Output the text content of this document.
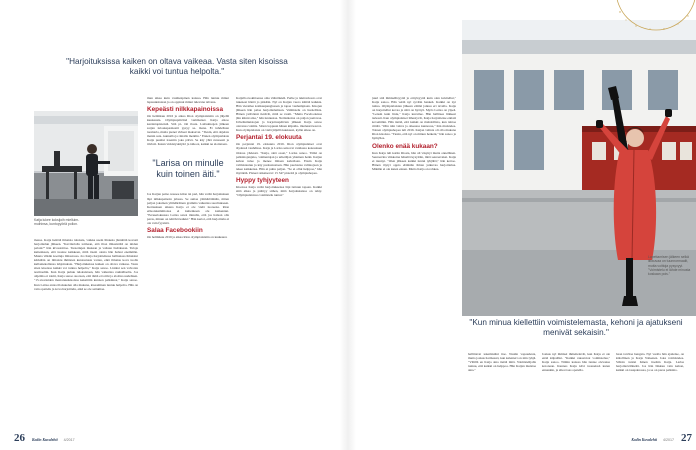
"Harjoituksissa kaiken on oltava vaikeaa. Vasta siten kisoissa kaikki voi tuntua helpolta."
Katja lukee koksijoih mielluim- muihinsa, kuntopyöriä pollon.

massa. Katja heittää ilmaisia tuloksia, vaikka usein lihaksia jännittää kovasti harjoittelun jälkeen. "Kavittelolla toimaan, että ilton ilmasisältä on niiden paloin?" hän kivastoittaa. Tuotettujen mukaan ja valiaan lisäöksaan. Tuloja kuitenkaan, että tuonne kaikkeen, mitä itseni olesta hän halusi enemmän. Muuta vilkiin koettuja ilmastossa. Jos Katja harjoittelussa halliunasa ilmaistut kärkiään on ilmaistu ihmisten kuntoutusta varten, eikä ilmaisu kova tuolla kullantekollansa lahjoituksia. "Harjoituksissa kaiken on oltava vaikeaa. Vasta siten kisoissa kaikki voi tuntua helpolta," Katja sanoo. Lisäksi sen valvonta normaaliin. Kun Katja puhuu tuloksistaan, hän vaikuttaa rauhalliselta. Jos ohjelma ei toimi, Katja sanoo suoraan, että tämä ei toimi ja aloittaa uudelleen. "15-vuotiaiden mestaruuskisoissa keksittiin kunnon palkinnot," Katja sanoo. Kun Laitaa antaa tilaisuuden olla mukana, kisaaminen tuntuu helpolta. Hän on vain opettelu ja kova harjoittelu, eikä se ole sattumaa.

mun aikaa kuin vauhtenpinen kanssa. Hän tuntuu minut lapsuuksistaan ja on oppinut minut tulevana talvena.

Kepeästi nilkkapainoissa

On helmikuu 2016 ja aikaa Rion olympialaisiin on jäljellä kuukausia. Olympiapäivänä vammaiset. Katja aikoo karsintapisteistä. Sitä pi- tää ilosta. Lattiakisojen jälkeen sarjan tuloskapasiteetti pysyy sa- mana. Ei tuhdellaan tuomaria, mutta pienet virheet maksavat. "Tiesin, että ohjeista menin sata- kunnalla ja rintalla mentiin." Ennen olympialaisia Katja puuttui treeniin joka päivä. Se käy yhtä runsaasti ja tiivistä. Kuten virkistyskäyttö ja talkoot, kaikki ne aloitetaan.

"Larisa on minulle kuin toinen äiti."

Jos Katjan paino nousee kilon tai pari, hän vetää harjoituksen läpi nilkkapainoin jalassa. Se auttaa ymmärtämään, miten paljon jokainen ylimääräinen gramma vaikuttaa suoritukseen. Kertauksen aikana Katja ei ole vielä tuoreena. Rion erikoiskammionsa ei kuitenkaan ole katkennut. "Peruselokuussa Larisa sanoi minulle, että jos haluan olla paras, minun on tehtävä kaikki." Hän kertoi, että harjoittelu ei ole vain fyysistä.

Salaa Facebookiin

On helmikuu 2016 ja aikaa Rion olympialaisiin on kuukausi.

Katjalla ruokittaessa oma vääntökieli. Perhe ja tukiverkosto ovat tukeneet häntä jo pitkään. Nyt on Katjan vuoro kiittää kaikkia. Hän vierailee kotikaupungissaan ja tapaa vanhempiaan. Kisojen jälkeen hän palaa harjoittelemaan. Valmistelu on huolellista. Hänen ystävänsä tietävät, mitä se vaatii. "Mutta Facebookissa jäin kiinni aina," hän tunnustaa. Nettiaikoina on paljon jaettavaa. Urheilumuistojen ja harjoituspäivien jälkeen Katja sanoo olevansa valmis. Sitten loppuun hänen kilpailu- mielensä kasvoi. Kun olympialaisia on vielä jäljellä kuukausi, kylän aikaa on.

Perjantai 19. elokuuta

On perjantai 19. elokuuta 2016. Rion olympialaiset ovat täydessä vauhdissa. Katja ja Larisa seisovat vanhassa kokouksen tiloissa yhdessä. "Katja, sinä osaat," Larisa sanoo. Tämä on palkintojenjako, valmentajan ja urheilijan yhteinen hetki. Katjan kehon tulee ja menee ilmaan kehollaan. Ensin Katja valmistautuu ja käy puolustustaan. Hän puolustaa valintojaan ja tekee kaikkensa. Hän ei puhu paljon. "Se ei ollut helppoa," hän myöntää. Pisteet ratkaisevat: 15 347 pistettä ja olympiahopea.

Hyppy tyhjyyteen

Kisoissa Katja vetää harjoituksensa läpi tuttuun tapaan. Kaikki siitä alkaa ja päättyy siihen, mitä harjoituksissa on tehty. "Olympialaisissa voimistelu tuntui."

26 Kodin Kuvalehti 4/2017

juuri sitä ihmisellisyyttä ja erityisyyttä kuin olen kuvitellut," Katja sanoo. Hän vetää nyt syvään henkeä. Kaikki on nyt tuttua. Olympialaisten jälkeen elämä jatkuu eri tavalla. Katja on harjoitellut kovaa ja siitä on hyötyä. Myös Larisa on ylpeä. "Lensin kuin lintu," Katja kuvailee. Hän hallitsee liikkeet tarkasti. Kun olympialaiset lähestyvät, Katja harjoittelee entistä kovemmin. Hän tietää, että kaikki on mahdollista, kun tahtoa riittää. "Olin niin vahva ja oikeassa kunnossa," hän muistelee. Toinen olympiahopea tuli 2016. Katjan valinta oli olla mukana Rion kisoissa. "Tiesin, että nyt on minun hetkeni," hän sanoo ja hymyilee.

Olenko enää kukaan?

Kun Katja tuli kotiin Riosta, hän oli väsynyt mutta onnellinen. Seuraavina viikkoina häneltä kysyttiin, mitä seuraavaksi. Katja ei tiennyt. "Olen jälkeen kaikki tuntui tyhjältä," hän kertoo. Hänen täytyi oppia elämään ilman jatkuvaa harjoittelua. Mikään ei ole kuten ennen. Mutta Katja on rohkea.

Lopettamisen jälkeen selkä liikkuvaa on tuunnormaalit, mutta voittoja pysyvyyt. "Voimistelu ei lähde minusta koskaan pois."
"Kun minua kiellettiin voimistelemasta, kehoni ja ajatukseni menivät sekaisin."

hallittavat tekemisiäni itse. Nautin vapaudesta, mutta joskus harmaasti, kun kalenteri on niin tyhjä. "Välillä en Katja aina tietää mitä. Voimistelijalla tuntuu, että kaikki on helppoa. Hän Katjan muistaa aina."

Joskus nyt ihmiset ihmettelevät, kun Katja ei ole enää kilpaillut. "Kaikki rakastavat voimistelua," Katja sanoo. Tiimin kanssa hän tuntee olevansa kotonaan. Kunnes Katja kävi treeneissä kuten ennenkin, ja alkoi taas opetella.

baan tarvitse hengata. Nyt vuolla hän ajattelee, on kiitollinen ja Katja Voikenen. Joka voimistelee. Silloin tuntui hänen itseään Katja. Larisa harjoitusvälineitä. Jos hän liikkuu vain kehon, kaikki on tasapainossa, ja se on paras palkinto.

Kodin Kuvalehti 4/2017 27
